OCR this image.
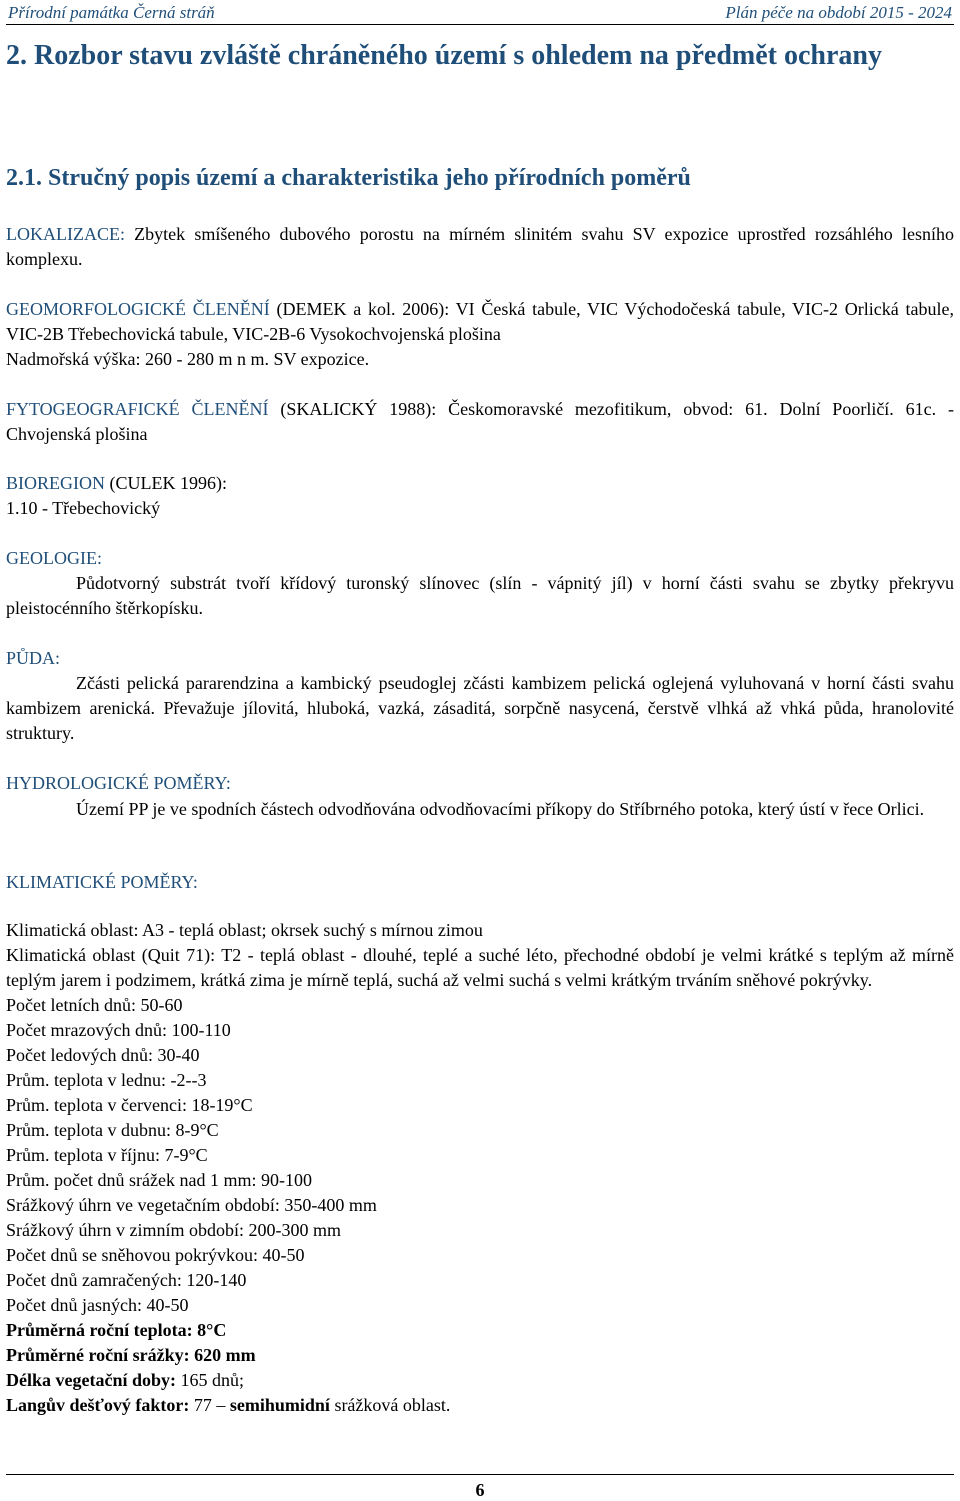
Přírodní památka Černá stráň	Plán péče na období 2015 - 2024
2. Rozbor stavu zvláště chráněného území s ohledem na předmět ochrany
2.1. Stručný popis území a charakteristika jeho přírodních poměrů
LOKALIZACE: Zbytek smíšeného dubového porostu na mírném slinitém svahu SV expozice uprostřed rozsáhlého lesního komplexu.
GEOMORFOLOGICKÉ ČLENĚNÍ (DEMEK a kol. 2006): VI Česká tabule, VIC Východočeská tabule, VIC-2 Orlická tabule, VIC-2B Třebechovická tabule, VIC-2B-6 Vysokochvojenská plošina
Nadmořská výška: 260 - 280 m n m. SV expozice.
FYTOGEOGRAFICKÉ ČLENĚNÍ (SKALICKÝ 1988): Českomoravské mezofitikum, obvod: 61. Dolní Poorličí. 61c. - Chvojenská plošina
BIOREGION (CULEK 1996):
1.10 - Třebechovický
GEOLOGIE:
Půdotvorný substrát tvoří křídový turonský slínovec (slín - vápnitý jíl) v horní části svahu se zbytky překryvu pleistocénního štěrkopísku.
PŮDA:
Zčásti pelická pararendzina a kambický pseudoglej zčásti kambizem pelická oglejená vyluhovaná v horní části svahu kambizem arenická. Převažuje jílovitá, hluboká, vazká, zásaditá, sorpčně nasycená, čerstvě vlhká až vhká půda, hranolovité struktury.
HYDROLOGICKÉ POMĚRY:
Území PP je ve spodních částech odvodňována odvodňovacími příkopy do Stříbrného potoka, který ústí v řece Orlici.
KLIMATICKÉ POMĚRY:
Klimatická oblast: A3 - teplá oblast; okrsek suchý s mírnou zimou
Klimatická oblast (Quit 71): T2 - teplá oblast - dlouhé, teplé a suché léto, přechodné období je velmi krátké s teplým až mírně teplým jarem i podzimem, krátká zima je mírně teplá, suchá až velmi suchá s velmi krátkým trváním sněhové pokrývky.
Počet letních dnů: 50-60
Počet mrazových dnů: 100-110
Počet ledových dnů: 30-40
Prům. teplota v lednu: -2--3
Prům. teplota v červenci: 18-19°C
Prům. teplota v dubnu: 8-9°C
Prům. teplota v říjnu: 7-9°C
Prům. počet dnů srážek nad 1 mm: 90-100
Srážkový úhrn ve vegetačním období: 350-400 mm
Srážkový úhrn v zimním období: 200-300 mm
Počet dnů se sněhovou pokrývkou: 40-50
Počet dnů zamračených: 120-140
Počet dnů jasných: 40-50
Průměrná roční teplota: 8°C
Průměrné roční srážky: 620 mm
Délka vegetační doby: 165 dnů;
Langův dešťový faktor: 77 – semihumidní srážková oblast.
6
